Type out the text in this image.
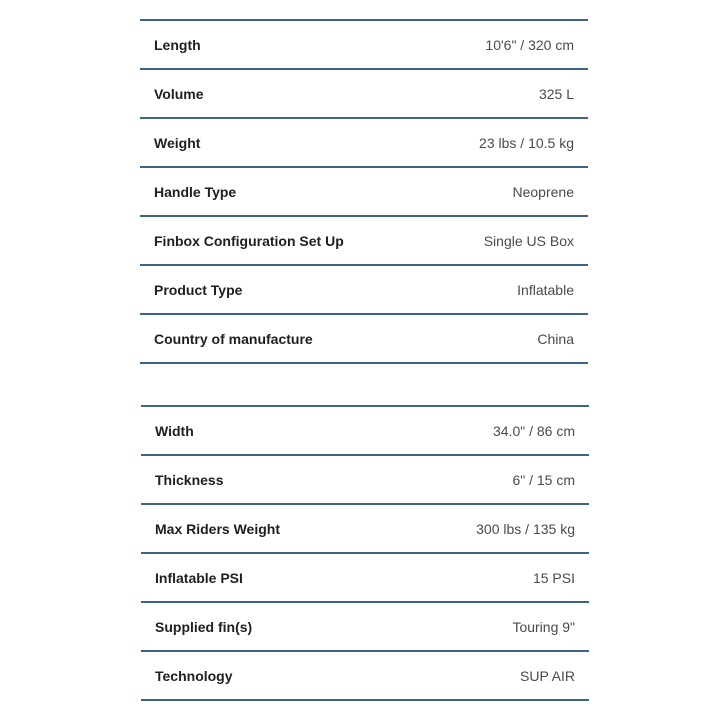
Length	10'6" / 320 cm
Volume	325 L
Weight	23 lbs / 10.5 kg
Handle Type	Neoprene
Finbox Configuration Set Up	Single US Box
Product Type	Inflatable
Country of manufacture	China
Width	34.0" / 86 cm
Thickness	6" / 15 cm
Max Riders Weight	300 lbs / 135 kg
Inflatable PSI	15 PSI
Supplied fin(s)	Touring 9"
Technology	SUP AIR
